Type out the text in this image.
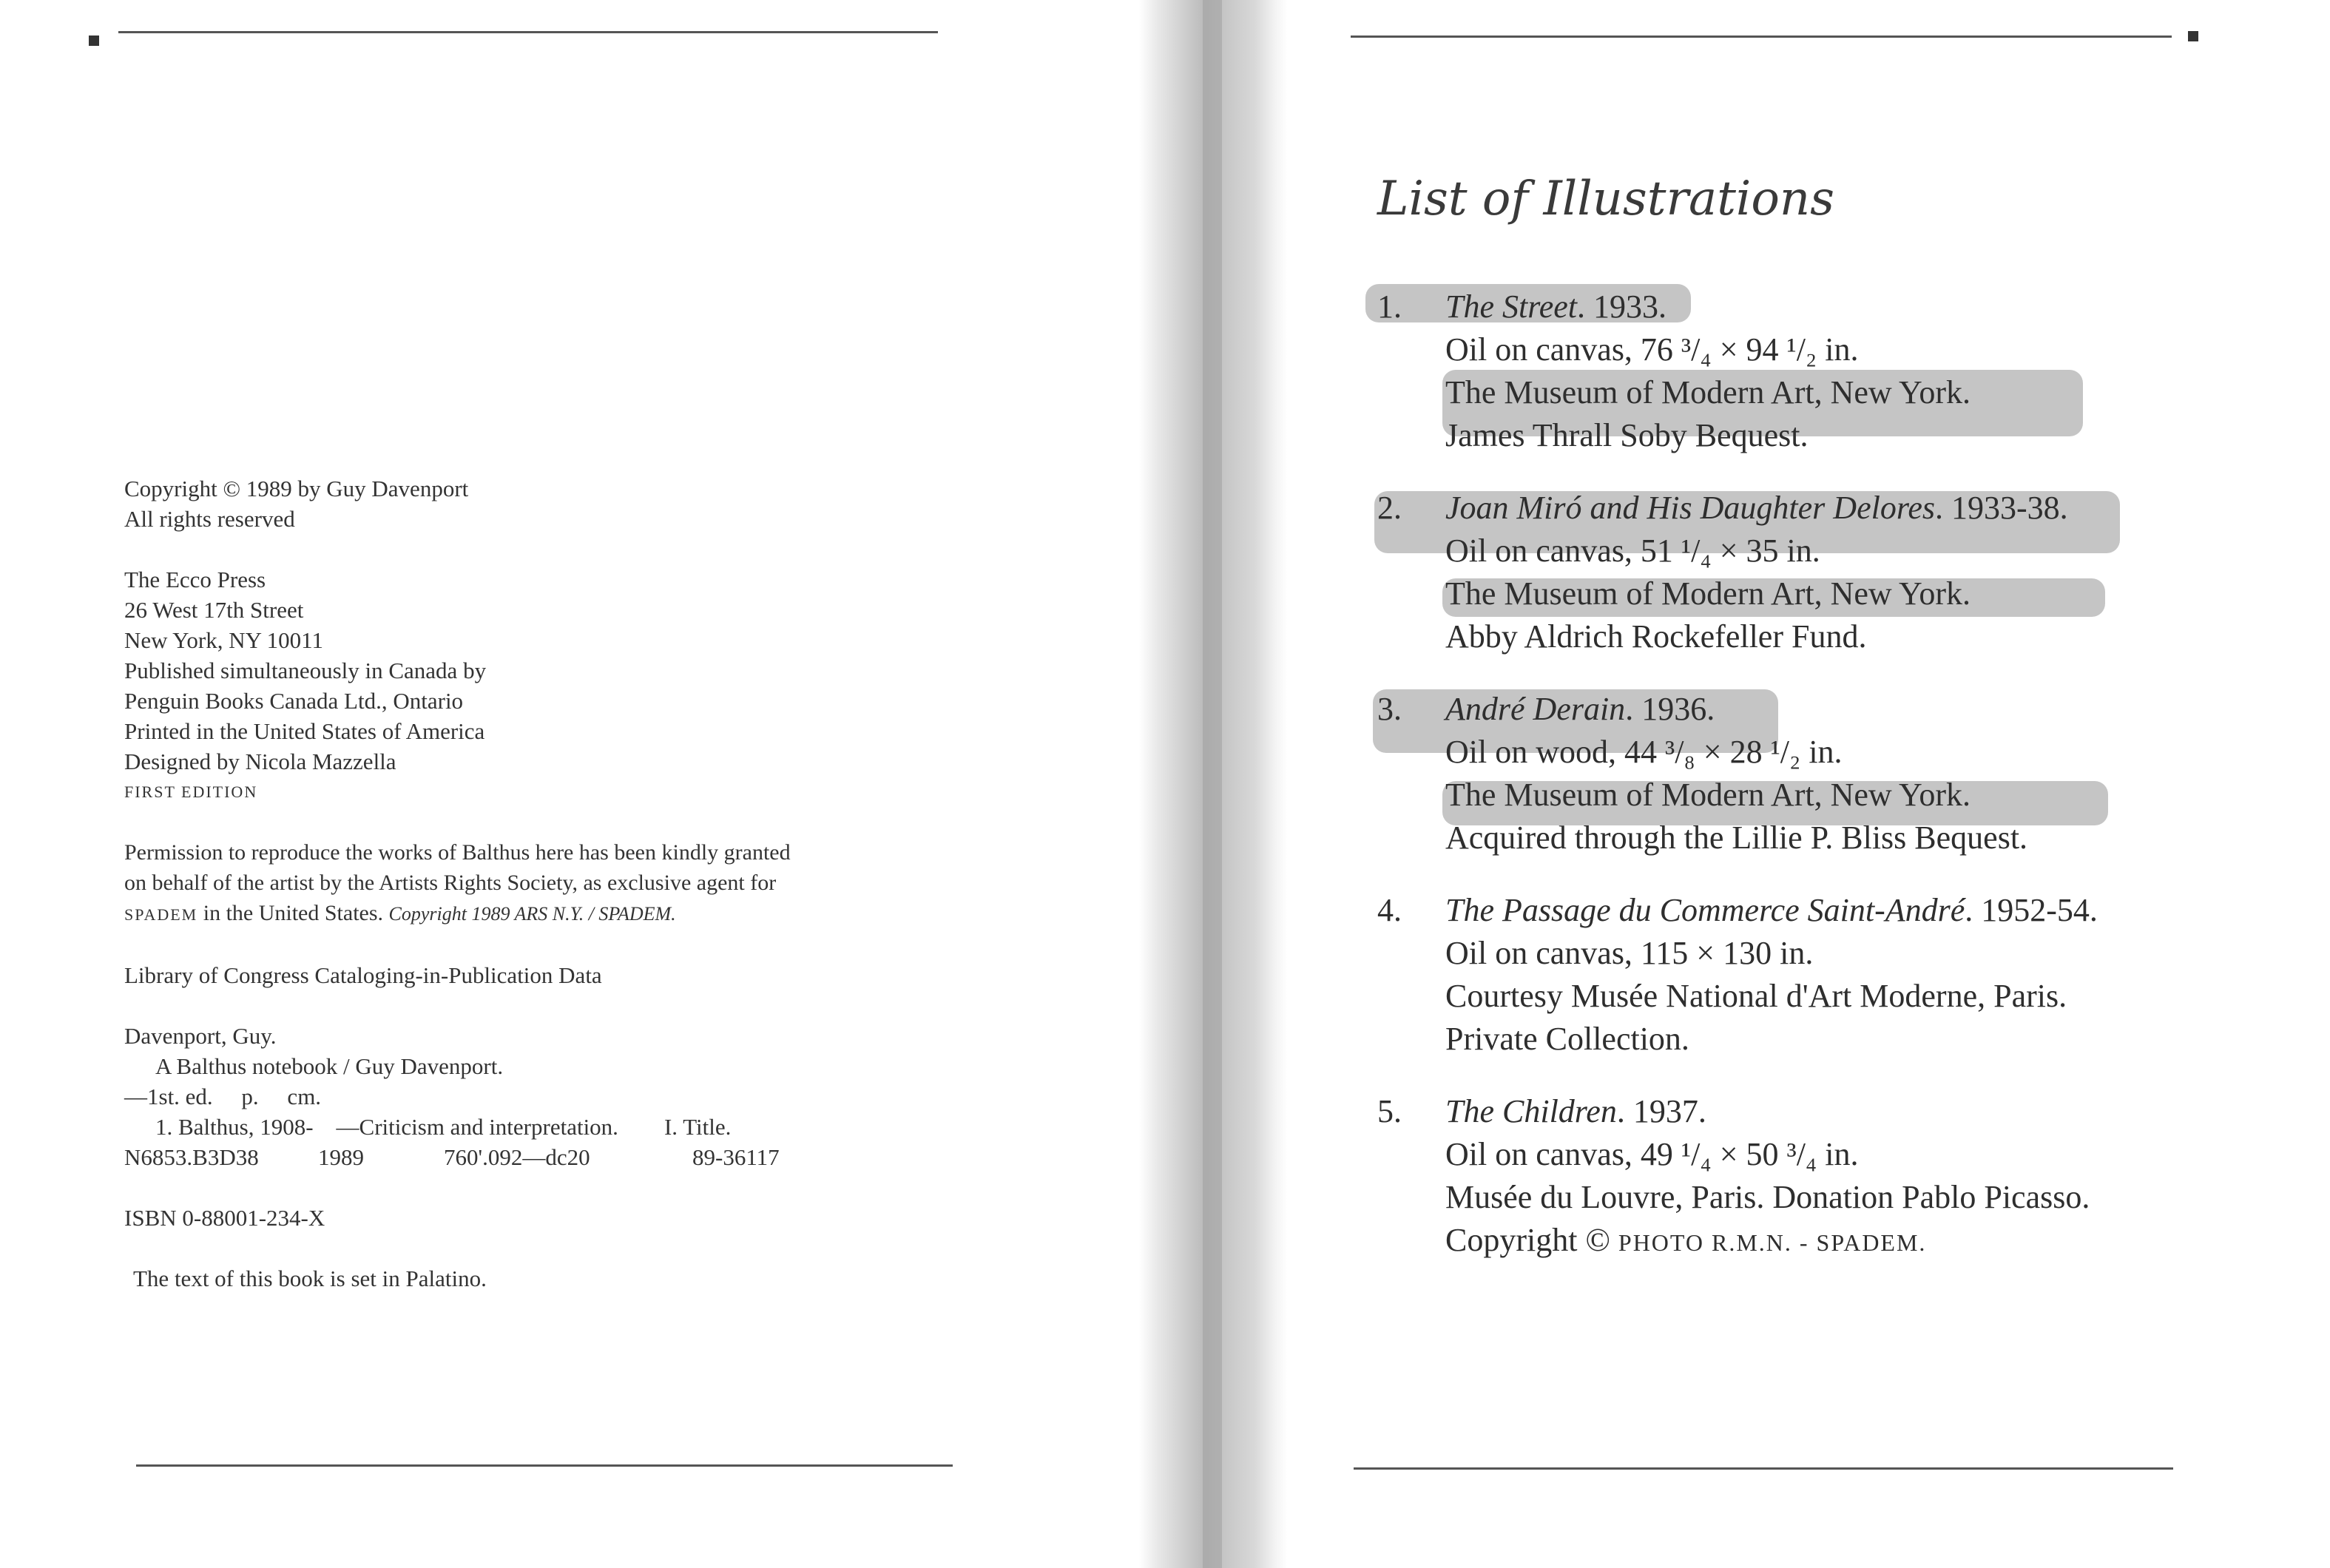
Copyright © 1989 by Guy Davenport
All rights reserved
The Ecco Press
26 West 17th Street
New York, NY 10011
Published simultaneously in Canada by
Penguin Books Canada Ltd., Ontario
Printed in the United States of America
Designed by Nicola Mazzella
FIRST EDITION
Permission to reproduce the works of Balthus here has been kindly granted
on behalf of the artist by the Artists Rights Society, as exclusive agent for
SPADEM in the United States. Copyright 1989 ARS N.Y. / SPADEM.
Library of Congress Cataloging-in-Publication Data
Davenport, Guy.
A Balthus notebook / Guy Davenport.
—1st. ed.     p.     cm.
1. Balthus, 1908-    —Criticism and interpretation. I. Title.
N6853.B3D38	1989	760'.092—dc20	89-36117
ISBN 0-88001-234-X
The text of this book is set in Palatino.
List of Illustrations
1.	The Street. 1933.
Oil on canvas, 76 ³/₄ × 94 ¹/₂ in.
The Museum of Modern Art, New York.
James Thrall Soby Bequest.
2.	Joan Miró and His Daughter Delores. 1933-38.
Oil on canvas, 51 ¹/₄ × 35 in.
The Museum of Modern Art, New York.
Abby Aldrich Rockefeller Fund.
3.	André Derain. 1936.
Oil on wood, 44 ³/₈ × 28 ¹/₂ in.
The Museum of Modern Art, New York.
Acquired through the Lillie P. Bliss Bequest.
4.	The Passage du Commerce Saint-André. 1952-54.
Oil on canvas, 115 × 130 in.
Courtesy Musée National d'Art Moderne, Paris.
Private Collection.
5.	The Children. 1937.
Oil on canvas, 49 ¹/₄ × 50 ³/₄ in.
Musée du Louvre, Paris. Donation Pablo Picasso.
Copyright © PHOTO R.M.N. - SPADEM.
